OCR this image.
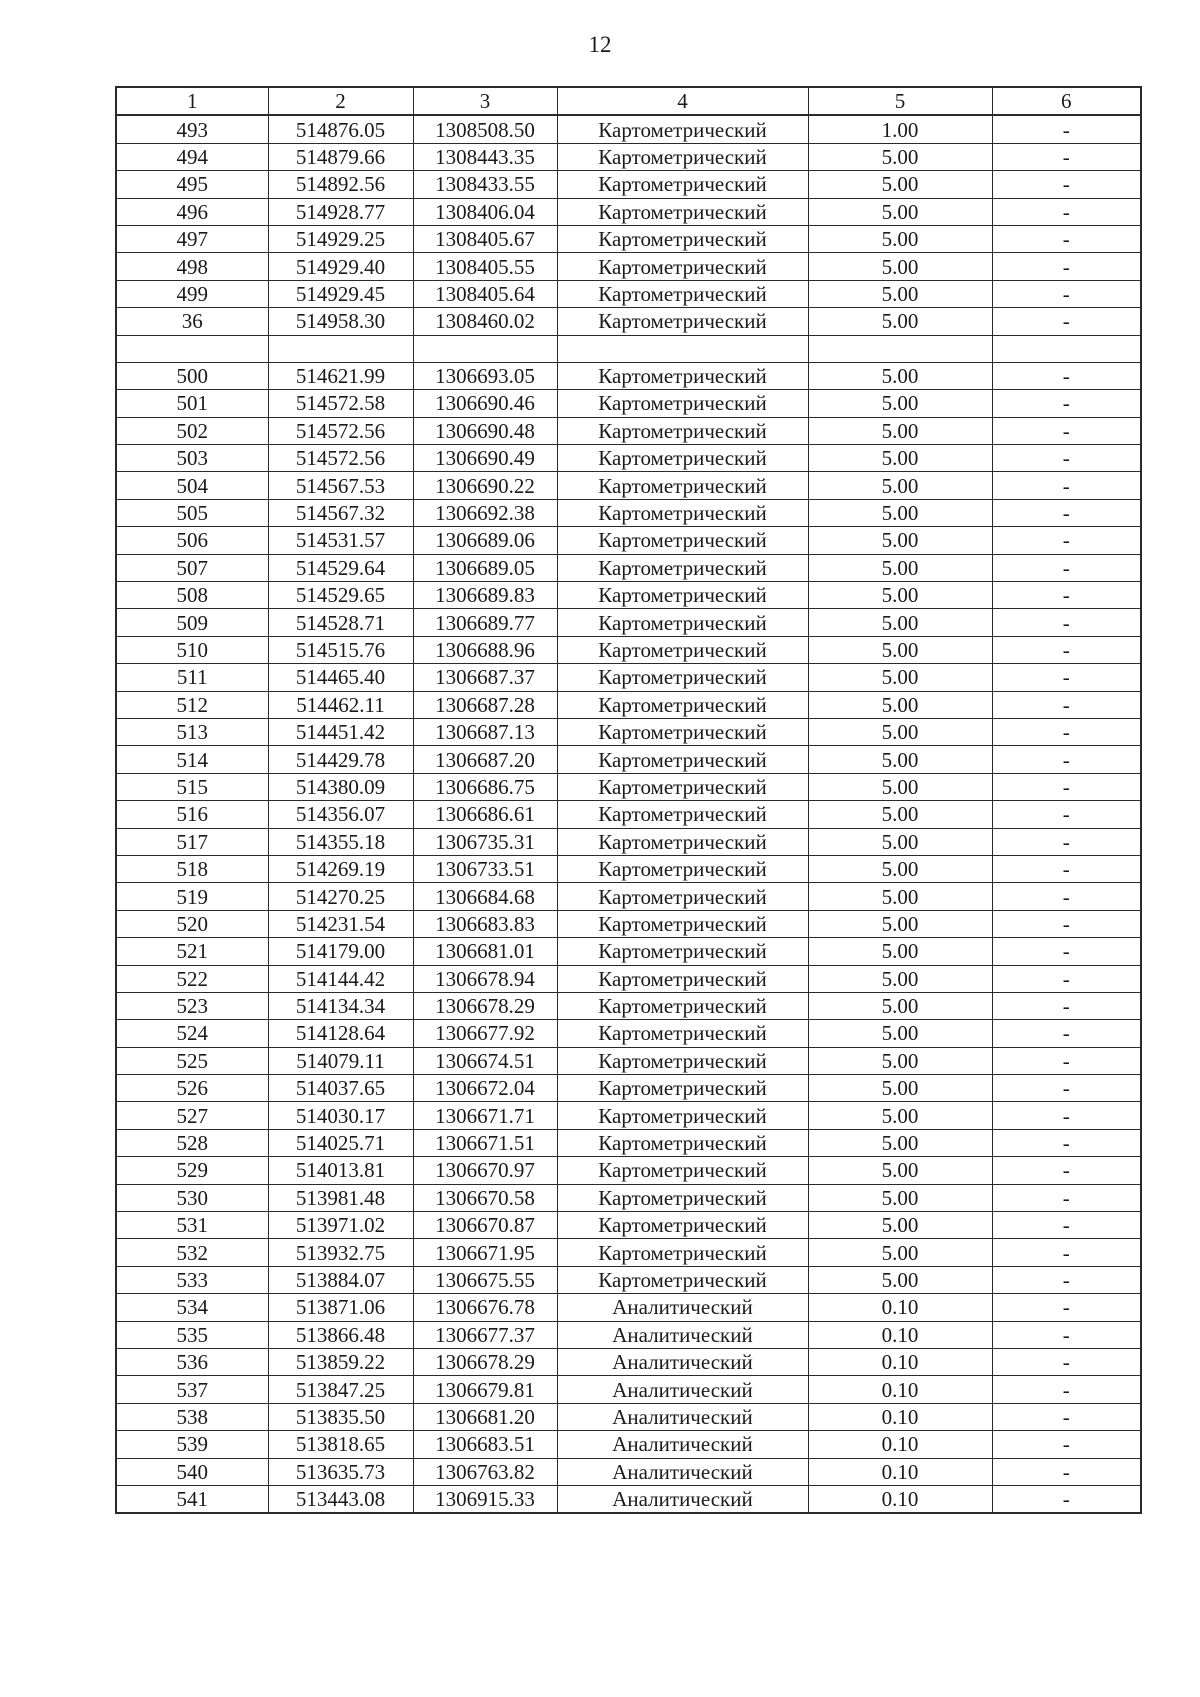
12
1	2	3	4	5	6
493	514876.05	1308508.50	Картометрический	1.00	-
494	514879.66	1308443.35	Картометрический	5.00	-
495	514892.56	1308433.55	Картометрический	5.00	-
496	514928.77	1308406.04	Картометрический	5.00	-
497	514929.25	1308405.67	Картометрический	5.00	-
498	514929.40	1308405.55	Картометрический	5.00	-
499	514929.45	1308405.64	Картометрический	5.00	-
36	514958.30	1308460.02	Картометрический	5.00	-

500	514621.99	1306693.05	Картометрический	5.00	-
501	514572.58	1306690.46	Картометрический	5.00	-
502	514572.56	1306690.48	Картометрический	5.00	-
503	514572.56	1306690.49	Картометрический	5.00	-
504	514567.53	1306690.22	Картометрический	5.00	-
505	514567.32	1306692.38	Картометрический	5.00	-
506	514531.57	1306689.06	Картометрический	5.00	-
507	514529.64	1306689.05	Картометрический	5.00	-
508	514529.65	1306689.83	Картометрический	5.00	-
509	514528.71	1306689.77	Картометрический	5.00	-
510	514515.76	1306688.96	Картометрический	5.00	-
511	514465.40	1306687.37	Картометрический	5.00	-
512	514462.11	1306687.28	Картометрический	5.00	-
513	514451.42	1306687.13	Картометрический	5.00	-
514	514429.78	1306687.20	Картометрический	5.00	-
515	514380.09	1306686.75	Картометрический	5.00	-
516	514356.07	1306686.61	Картометрический	5.00	-
517	514355.18	1306735.31	Картометрический	5.00	-
518	514269.19	1306733.51	Картометрический	5.00	-
519	514270.25	1306684.68	Картометрический	5.00	-
520	514231.54	1306683.83	Картометрический	5.00	-
521	514179.00	1306681.01	Картометрический	5.00	-
522	514144.42	1306678.94	Картометрический	5.00	-
523	514134.34	1306678.29	Картометрический	5.00	-
524	514128.64	1306677.92	Картометрический	5.00	-
525	514079.11	1306674.51	Картометрический	5.00	-
526	514037.65	1306672.04	Картометрический	5.00	-
527	514030.17	1306671.71	Картометрический	5.00	-
528	514025.71	1306671.51	Картометрический	5.00	-
529	514013.81	1306670.97	Картометрический	5.00	-
530	513981.48	1306670.58	Картометрический	5.00	-
531	513971.02	1306670.87	Картометрический	5.00	-
532	513932.75	1306671.95	Картометрический	5.00	-
533	513884.07	1306675.55	Картометрический	5.00	-
534	513871.06	1306676.78	Аналитический	0.10	-
535	513866.48	1306677.37	Аналитический	0.10	-
536	513859.22	1306678.29	Аналитический	0.10	-
537	513847.25	1306679.81	Аналитический	0.10	-
538	513835.50	1306681.20	Аналитический	0.10	-
539	513818.65	1306683.51	Аналитический	0.10	-
540	513635.73	1306763.82	Аналитический	0.10	-
541	513443.08	1306915.33	Аналитический	0.10	-
